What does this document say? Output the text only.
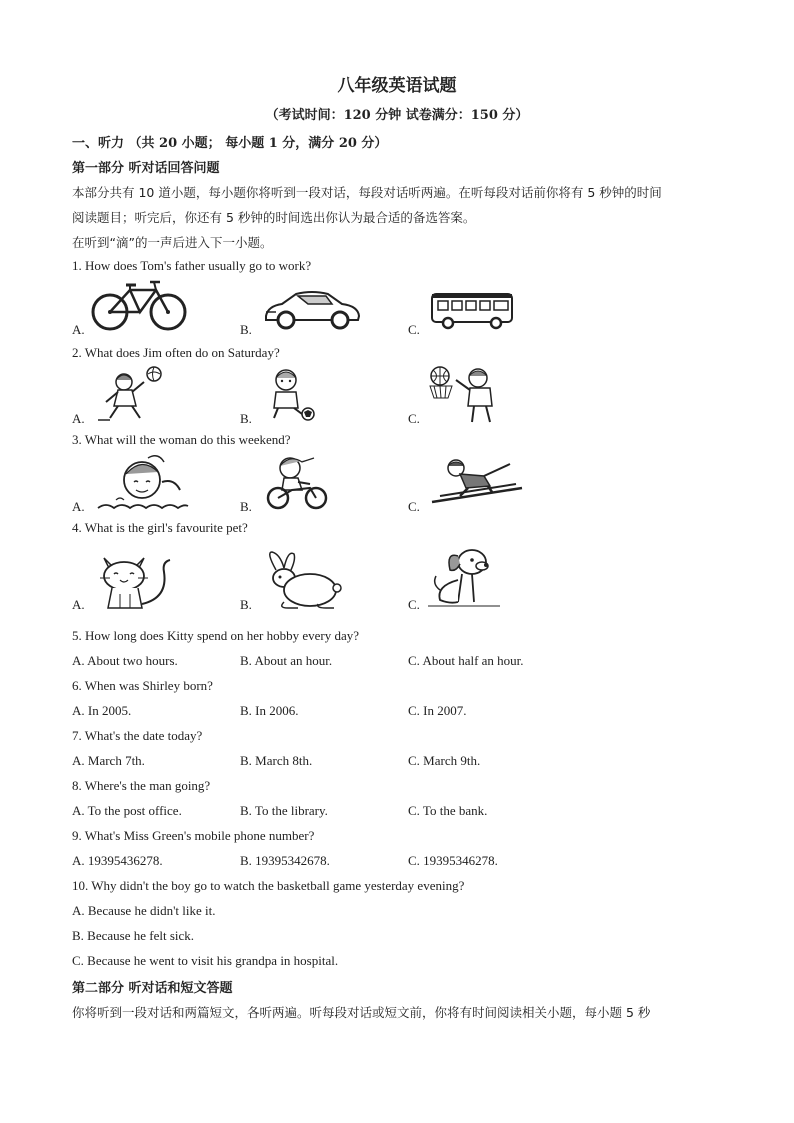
八年级英语试题
（考试时间：120 分钟 试卷满分：150 分）
一、听力 （共 20 小题； 每小题 1 分，满分 20 分）
第一部分 听对话回答问题
本部分共有 10 道小题，每小题你将听到一段对话，每段对话听两遍。在听每段对话前你将有 5 秒钟的时间
阅读题目；听完后，你还有 5 秒钟的时间选出你认为最合适的备选答案。
在听到“滴”的一声后进入下一小题。
1. How does Tom's father usually go to work?
A.	B.	C.
2. What does Jim often do on Saturday?
A.	B.	C.
3. What will the woman do this weekend?
A.	B.	C.
4. What is the girl's favourite pet?
A.	B.	C.
5. How long does Kitty spend on her hobby every day?
A. About two hours.	B. About an hour.	C. About half an hour.
6. When was Shirley born?
A. In 2005.	B. In 2006.	C. In 2007.
7. What's the date today?
A. March 7th.	B. March 8th.	C. March 9th.
8. Where's the man going?
A. To the post office.	B. To the library.	C. To the bank.
9. What's Miss Green's mobile phone number?
A. 19395436278.	B. 19395342678.	C. 19395346278.
10. Why didn't the boy go to watch the basketball game yesterday evening?
A. Because he didn't like it.
B. Because he felt sick.
C. Because he went to visit his grandpa in hospital.
第二部分 听对话和短文答题
你将听到一段对话和两篇短文，各听两遍。听每段对话或短文前，你将有时间阅读相关小题，每小题 5 秒
